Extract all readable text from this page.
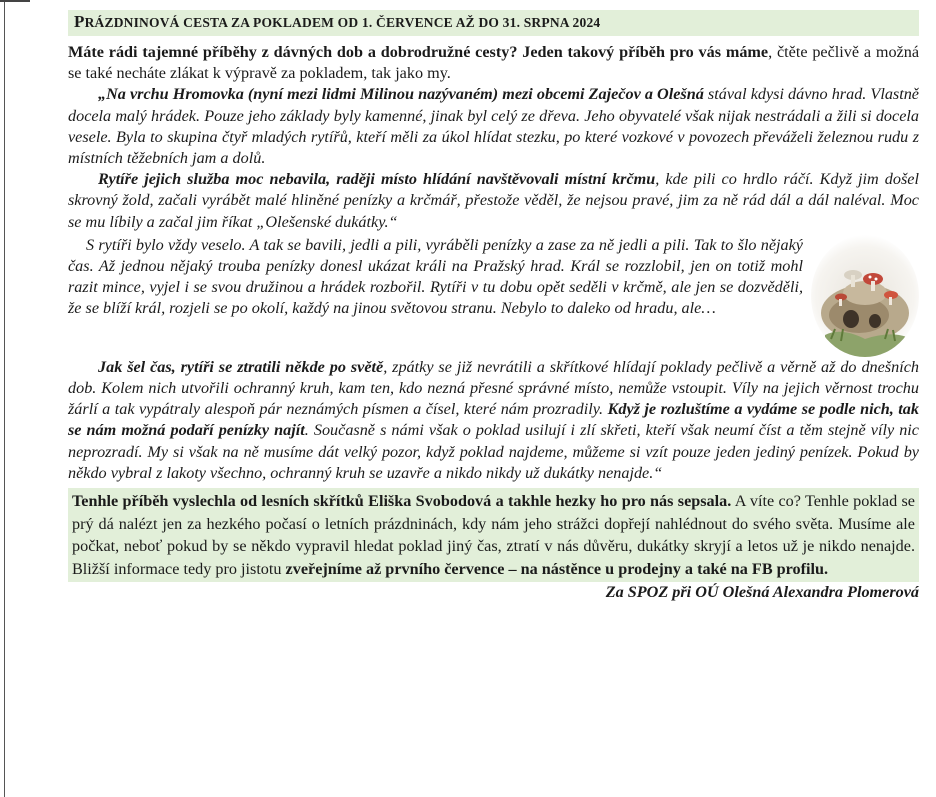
PRÁZDNINOVÁ CESTA ZA POKLADEM OD 1. ČERVENCE AŽ DO 31. SRPNA 2024

Máte rádi tajemné příběhy z dávných dob a dobrodružné cesty? Jeden takový příběh pro vás máme, čtěte pečlivě a možná se také necháte zlákat k výpravě za pokladem, tak jako my.

„Na vrchu Hromovka (nyní mezi lidmi Milinou nazývaném) mezi obcemi Zaječov a Olešná stával kdysi dávno hrad. Vlastně docela malý hrádek. Pouze jeho základy byly kamenné, jinak byl celý ze dřeva. Jeho obyvatelé však nijak nestrádali a žili si docela vesele. Byla to skupina čtyř mladých rytířů, kteří měli za úkol hlídat stezku, po které vozkové v povozech převáželi železnou rudu z místních těžebních jam a dolů.

Rytíře jejich služba moc nebavila, raději místo hlídání navštěvovali místní krčmu, kde pili co hrdlo ráčí. Když jim došel skrovný žold, začali vyrábět malé hliněné penízky a krčmář, přestože věděl, že nejsou pravé, jim za ně rád dál a dál naléval. Moc se mu líbily a začal jim říkat „Olešenské dukátky.“

S rytíři bylo vždy veselo. A tak se bavili, jedli a pili, vyráběli penízky a zase za ně jedli a pili. Tak to šlo nějaký čas. Až jednou nějaký trouba penízky donesl ukázat králi na Pražský hrad. Král se rozzlobil, jen on totiž mohl razit mince, vyjel i se svou družinou a hrádek rozbořil. Rytíři v tu dobu opět seděli v krčmě, ale jen se dozvěděli, že se blíží král, rozjeli se po okolí, každý na jinou světovou stranu. Nebylo to daleko od hradu, ale…

Jak šel čas, rytíři se ztratili někde po světě, zpátky se již nevrátili a skřítkové hlídají poklady pečlivě a věrně až do dnešních dob. Kolem nich utvořili ochranný kruh, kam ten, kdo nezná přesné správné místo, nemůže vstoupit. Víly na jejich věrnost trochu žárlí a tak vypátraly alespoň pár neznámých písmen a čísel, které nám prozradily. Když je rozluštíme a vydáme se podle nich, tak se nám možná podaří penízky najít. Současně s námi však o poklad usilují i zlí skřeti, kteří však neumí číst a těm stejně víly nic neprozradí. My si však na ně musíme dát velký pozor, když poklad najdeme, můžeme si vzít pouze jeden jediný penízek. Pokud by někdo vybral z lakoty všechno, ochranný kruh se uzavře a nikdo nikdy už dukátky nenajde.“

Tenhle příběh vyslechla od lesních skřítků Eliška Svobodová a takhle hezky ho pro nás sepsala. A víte co? Tenhle poklad se prý dá nalézt jen za hezkého počasí o letních prázdninách, kdy nám jeho strážci dopřejí nahlédnout do svého světa. Musíme ale počkat, neboť pokud by se někdo vypravil hledat poklad jiný čas, ztratí v nás důvěru, dukátky skryjí a letos už je nikdo nenajde. Bližší informace tedy pro jistotu zveřejníme až prvního července – na nástěnce u prodejny a také na FB profilu.

Za SPOZ při OÚ Olešná Alexandra Plomerová
